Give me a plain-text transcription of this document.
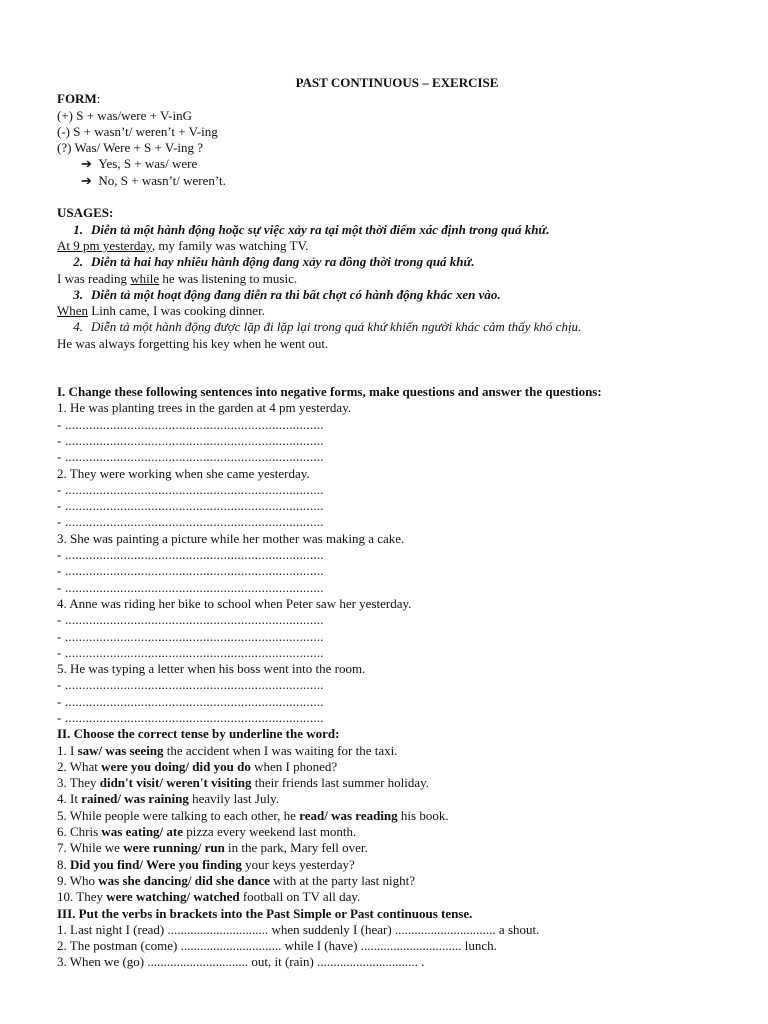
PAST CONTINUOUS – EXERCISE
FORM:
(+) S + was/were + V-inG
(-) S + wasn’t/ weren’t + V-ing
(?) Was/ Were + S + V-ing ?
➔ Yes, S + was/ were
➔ No, S + wasn’t/ weren’t.
USAGES:
1. Diễn tả một hành động hoặc sự việc xảy ra tại một thời điểm xác định trong quá khứ.
At 9 pm yesterday, my family was watching TV.
2. Diễn tả hai hay nhiều hành động đang xảy ra đồng thời trong quá khứ.
I was reading while he was listening to music.
3. Diễn tả một hoạt động đang diễn ra thì bất chợt có hành động khác xen vào.
When Linh came, I was cooking dinner.
4. Diễn tả một hành động được lặp đi lặp lại trong quá khứ khiến người khác cảm thấy khó chịu.
He was always forgetting his key when he went out.
I. Change these following sentences into negative forms, make questions and answer the questions:
1. He was planting trees in the garden at 4 pm yesterday.
- ...........................................................................
- ...........................................................................
- ...........................................................................
2. They were working when she came yesterday.
- ...........................................................................
- ...........................................................................
- ...........................................................................
3. She was painting a picture while her mother was making a cake.
- ...........................................................................
- ...........................................................................
- ...........................................................................
4. Anne was riding her bike to school when Peter saw her yesterday.
- ...........................................................................
- ...........................................................................
- ...........................................................................
5. He was typing a letter when his boss went into the room.
- ...........................................................................
- ...........................................................................
- ...........................................................................
II. Choose the correct tense by underline the word:
1. I saw/ was seeing the accident when I was waiting for the taxi.
2. What were you doing/ did you do when I phoned?
3. They didn't visit/ weren't visiting their friends last summer holiday.
4. It rained/ was raining heavily last July.
5. While people were talking to each other, he read/ was reading his book.
6. Chris was eating/ ate pizza every weekend last month.
7. While we were running/ run in the park, Mary fell over.
8. Did you find/ Were you finding your keys yesterday?
9. Who was she dancing/ did she dance with at the party last night?
10. They were watching/ watched football on TV all day.
III. Put the verbs in brackets into the Past Simple or Past continuous tense.
1. Last night I (read) ............................... when suddenly I (hear) ............................... a shout.
2. The postman (come) ............................... while I (have) ............................... lunch.
3. When we (go) ............................... out, it (rain) ............................... .
